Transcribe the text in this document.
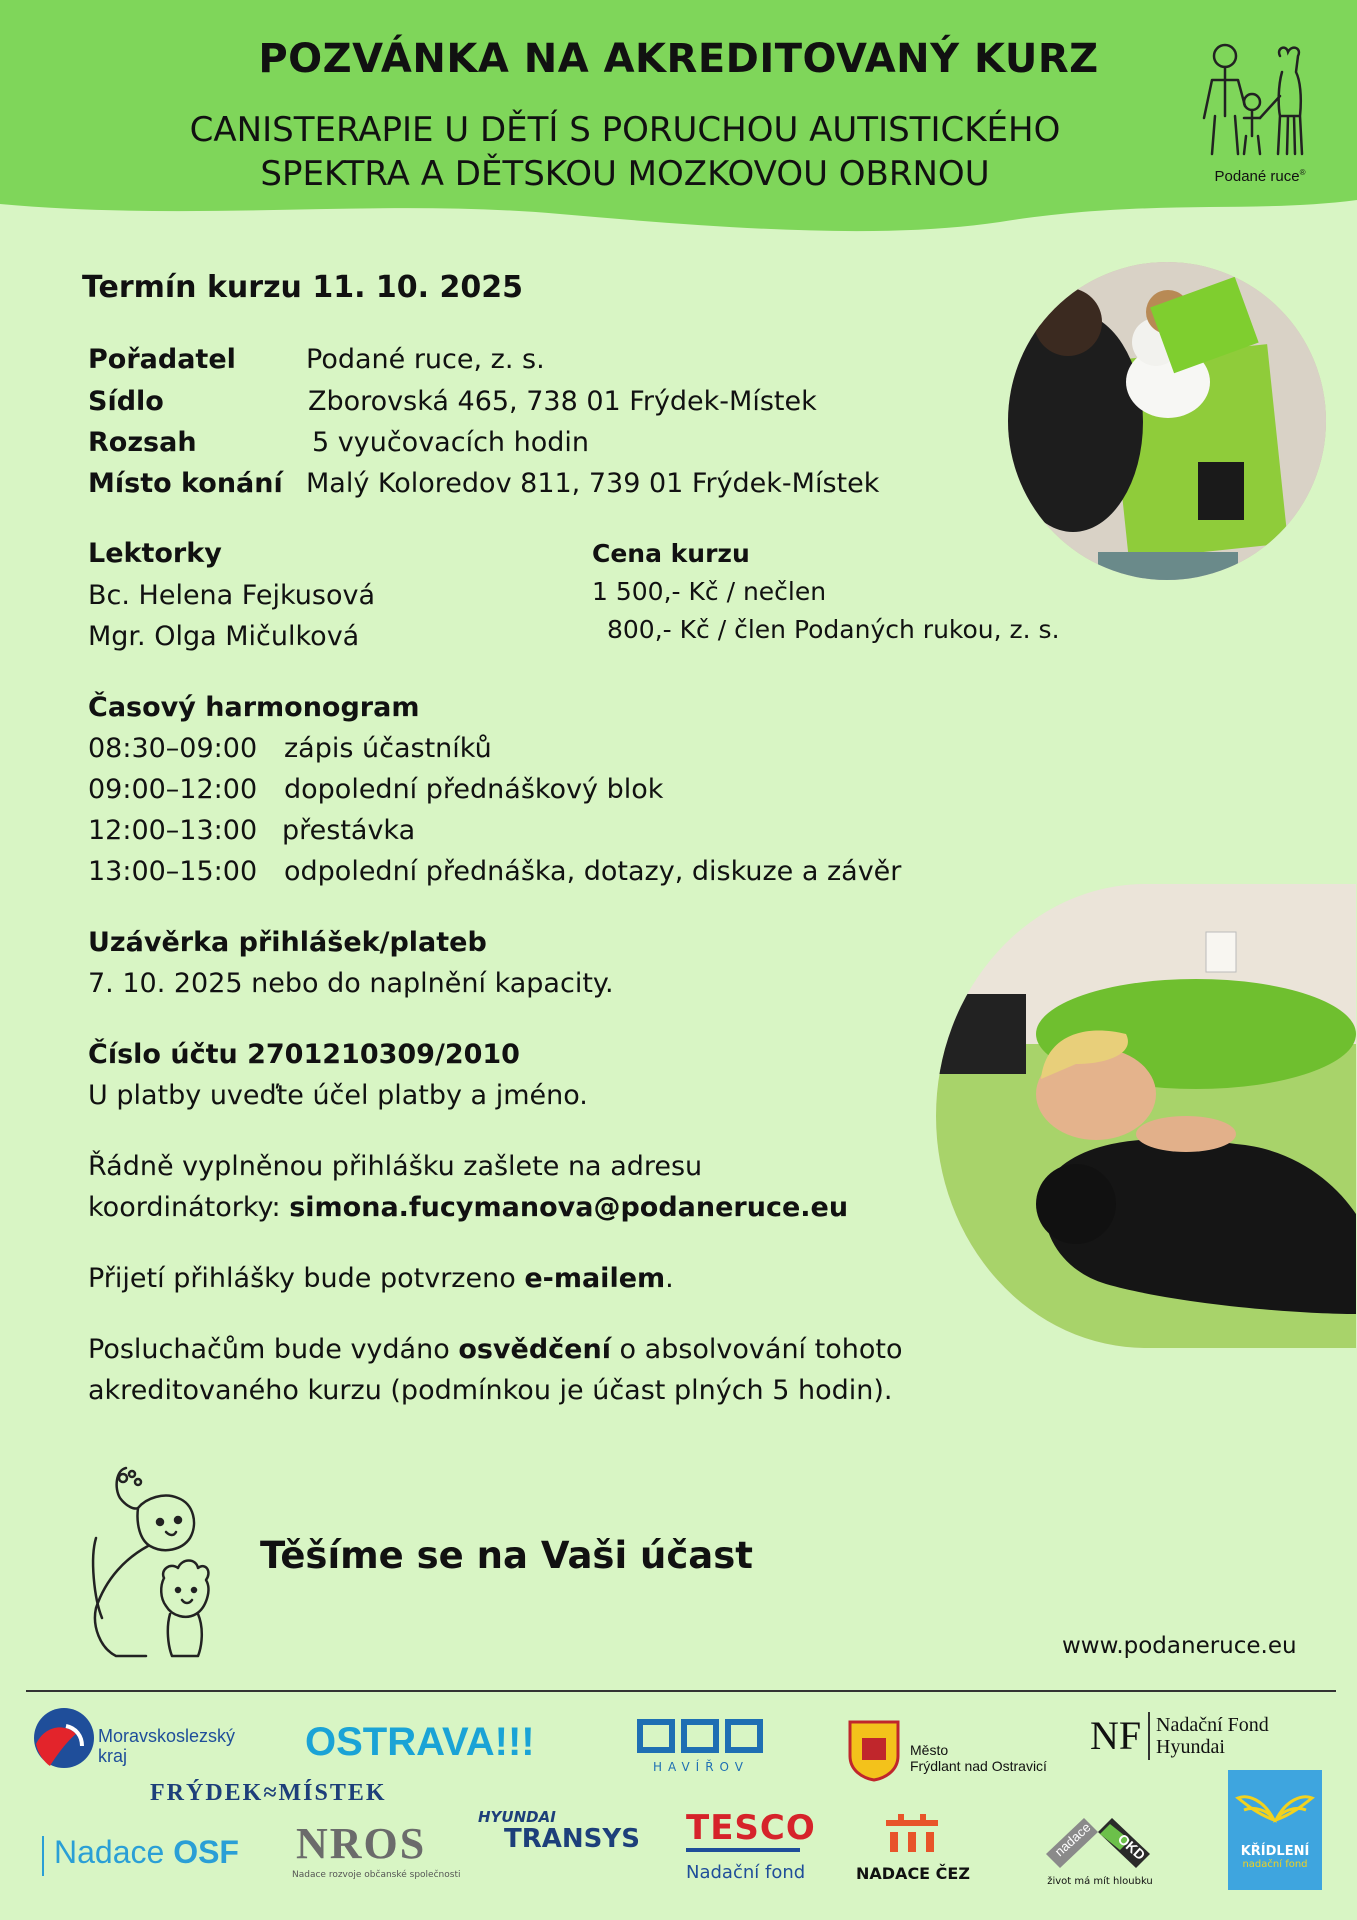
POZVÁNKA NA AKREDITOVANÝ KURZ
CANISTERAPIE U DĚTÍ S PORUCHOU AUTISTICKÉHO
SPEKTRA A DĚTSKOU MOZKOVOU OBRNOU	Podané ruce®
Termín kurzu 11. 10. 2025
Pořadatel	Podané ruce, z. s.
Sídlo	Zborovská 465, 738 01 Frýdek-Místek
Rozsah	5 vyučovacích hodin
Místo konání Malý Koloredov 811, 739 01 Frýdek-Místek
Lektorky
Bc. Helena Fejkusová
Mgr. Olga Mičulková
Cena kurzu
1 500,- Kč / nečlen
800,- Kč / člen Podaných rukou, z. s.
Časový harmonogram
08:30–09:00 zápis účastníků
09:00–12:00 dopolední přednáškový blok
12:00–13:00 přestávka
13:00–15:00 odpolední přednáška, dotazy, diskuze a závěr
Uzávěrka přihlášek/plateb
7. 10. 2025 nebo do naplnění kapacity.
Číslo účtu 2701210309/2010
U platby uveďte účel platby a jméno.
Řádně vyplněnou přihlášku zašlete na adresu
koordinátorky: simona.fucymanova@podaneruce.eu
Přijetí přihlášky bude potvrzeno e-mailem.
Posluchačům bude vydáno osvědčení o absolvování tohoto
akreditovaného kurzu (podmínkou je účast plných 5 hodin).
Těšíme se na Vaši účast
www.podaneruce.eu
Moravskoslezský
kraj	OSTRAVA!!!
HAVÍŘOV
Město
Frýdlant nad Ostravicí
NF Nadační Fond
Hyundai
FRÝDEK≈MÍSTEK
Nadace OSF NROS
Nadace rozvoje občanské společnosti
HYUNDAI
TRANSYS TESCO
Nadační fond	NADACE ČEZ
nadace OKD
život má mít hloubku
KŘÍDLENÍ
nadační fond
